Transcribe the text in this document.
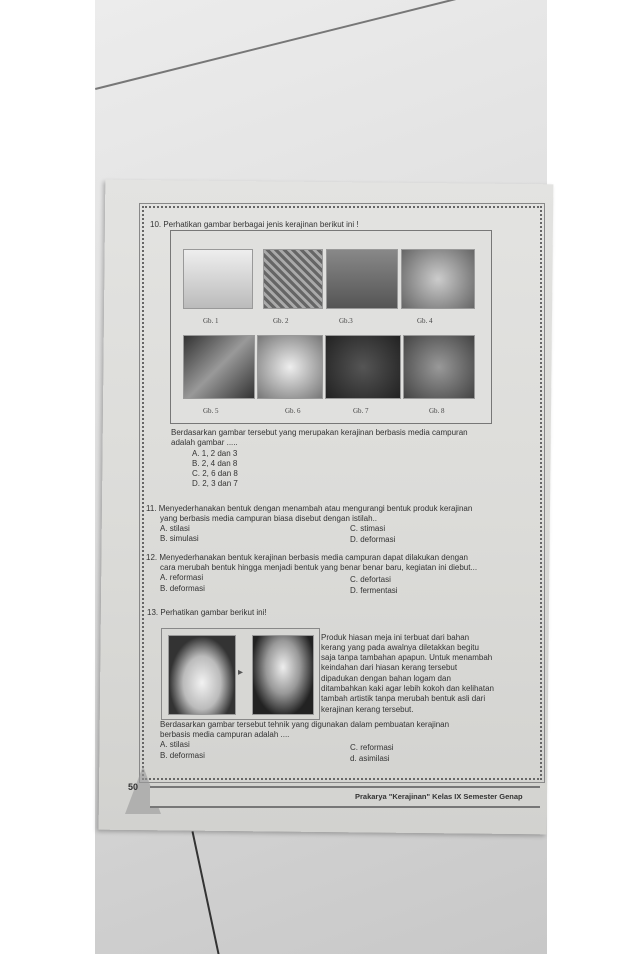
10. Perhatikan gambar berbagai jenis kerajinan berikut ini !
Gb. 1	Gb. 2	Gb.3	Gb. 4
Gb. 5	Gb. 6	Gb. 7	Gb. 8
Berdasarkan gambar tersebut yang merupakan kerajinan berbasis media campuran
adalah gambar .....
A. 1, 2 dan 3
B. 2, 4 dan 8
C. 2, 6 dan 8
D. 2, 3 dan 7
11. Menyederhanakan bentuk dengan menambah atau mengurangi bentuk produk kerajinan
yang berbasis media campuran biasa disebut dengan istilah..
A. stilasi	C. stimasi
B. simulasi	D. deformasi
12. Menyederhanakan bentuk kerajinan berbasis media campuran dapat dilakukan dengan
cara merubah bentuk hingga menjadi bentuk yang benar benar baru, kegiatan ini diebut...
A. reformasi	C. defortasi
B. deformasi	D. fermentasi
13. Perhatikan gambar berikut ini!
▸
Produk hiasan meja ini terbuat dari bahan
kerang yang pada awalnya diletakkan begitu
saja tanpa tambahan apapun. Untuk menambah
keindahan dari hiasan kerang tersebut
dipadukan dengan bahan logam dan
ditambahkan kaki agar lebih kokoh dan kelihatan
tambah artistik tanpa merubah bentuk asli dari
kerajinan kerang tersebut.
Berdasarkan gambar tersebut tehnik yang digunakan dalam pembuatan kerajinan
berbasis media campuran adalah ....
A. stilasi	C. reformasi
B. deformasi	d. asimilasi
50
Prakarya "Kerajinan" Kelas IX Semester Genap
